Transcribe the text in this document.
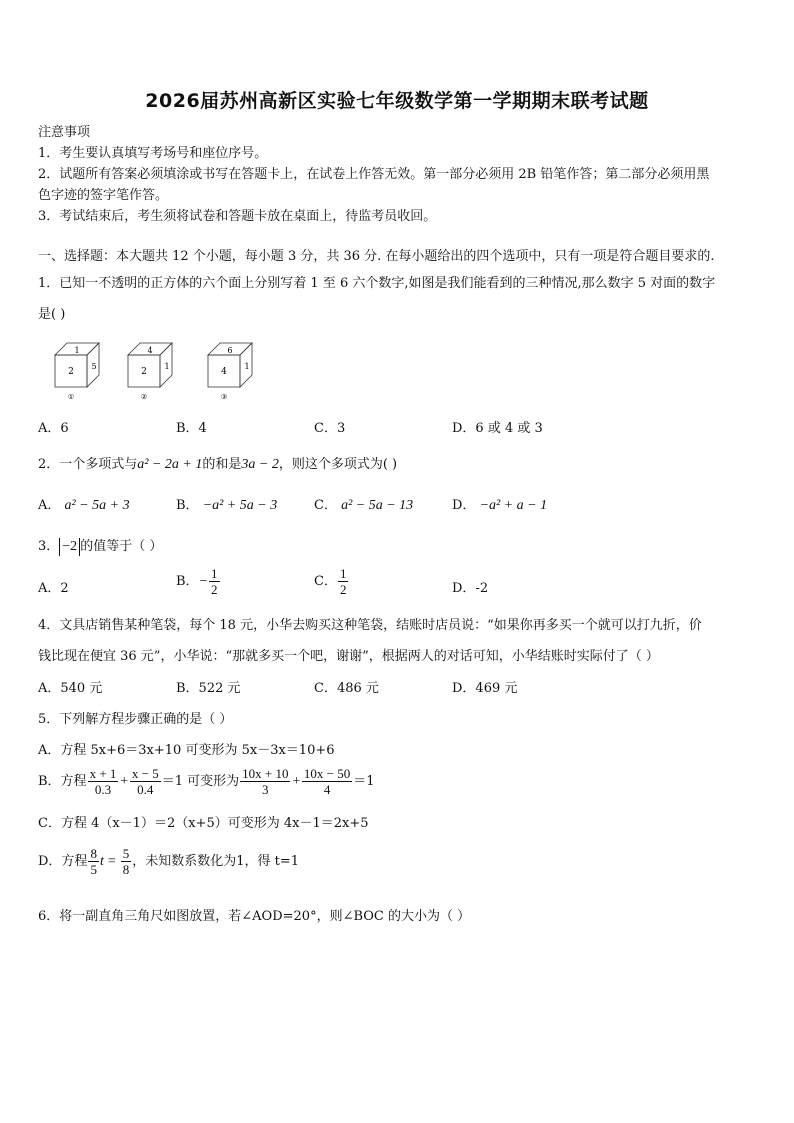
2026届苏州高新区实验七年级数学第一学期期末联考试题
注意事项
1．考生要认真填写考场号和座位序号。
2．试题所有答案必须填涂或书写在答题卡上，在试卷上作答无效。第一部分必须用 2B 铅笔作答；第二部分必须用黑
色字迹的签字笔作答。
3．考试结束后，考生须将试卷和答题卡放在桌面上，待监考员收回。
一、选择题：本大题共 12 个小题，每小题 3 分，共 36 分. 在每小题给出的四个选项中，只有一项是符合题目要求的.
1．已知一不透明的正方体的六个面上分别写着 1 至 6 六个数字,如图是我们能看到的三种情况,那么数字 5 对面的数字
是( )
1
2
5
①
4
2
1
②
6
4
1
③
A．6	B．4	C．3	D．6 或 4 或 3
2．一个多项式与a² − 2a + 1的和是3a − 2，则这个多项式为( )
A． a² − 5a + 3	B． −a² + 5a − 3	C． a² − 5a − 13	D． −a² + a − 1
3． −2 的值等于（ ）
A．2	B．− $\frac{1}{2}$	C． $\frac{1}{2}$	D．-2
4．文具店销售某种笔袋，每个 18 元，小华去购买这种笔袋，结账时店员说：“如果你再多买一个就可以打九折，价
钱比现在便宜 36 元”，小华说：“那就多买一个吧，谢谢”，根据两人的对话可知，小华结账时实际付了（ ）
A．540 元	B．522 元	C．486 元	D．469 元
5．下列解方程步骤正确的是（ ）
A．方程 5x+6＝3x+10 可变形为 5x－3x＝10+6
B．方程 $\frac{x + 1}{0.3} + \frac{x - 5}{0.4} =1$ 可变形为 $\frac{10x + 10}{3} + \frac{10x - 50}{4} =1$
C．方程 4（x－1）＝2（x+5）可变形为 4x－1＝2x+5
D．方程 $\frac{8}{5}$ $t = \frac{5}{8}$ ，未知数系数化为1，得 t=1
6．将一副直角三角尺如图放置，若∠AOD=20°，则∠BOC 的大小为（ ）
